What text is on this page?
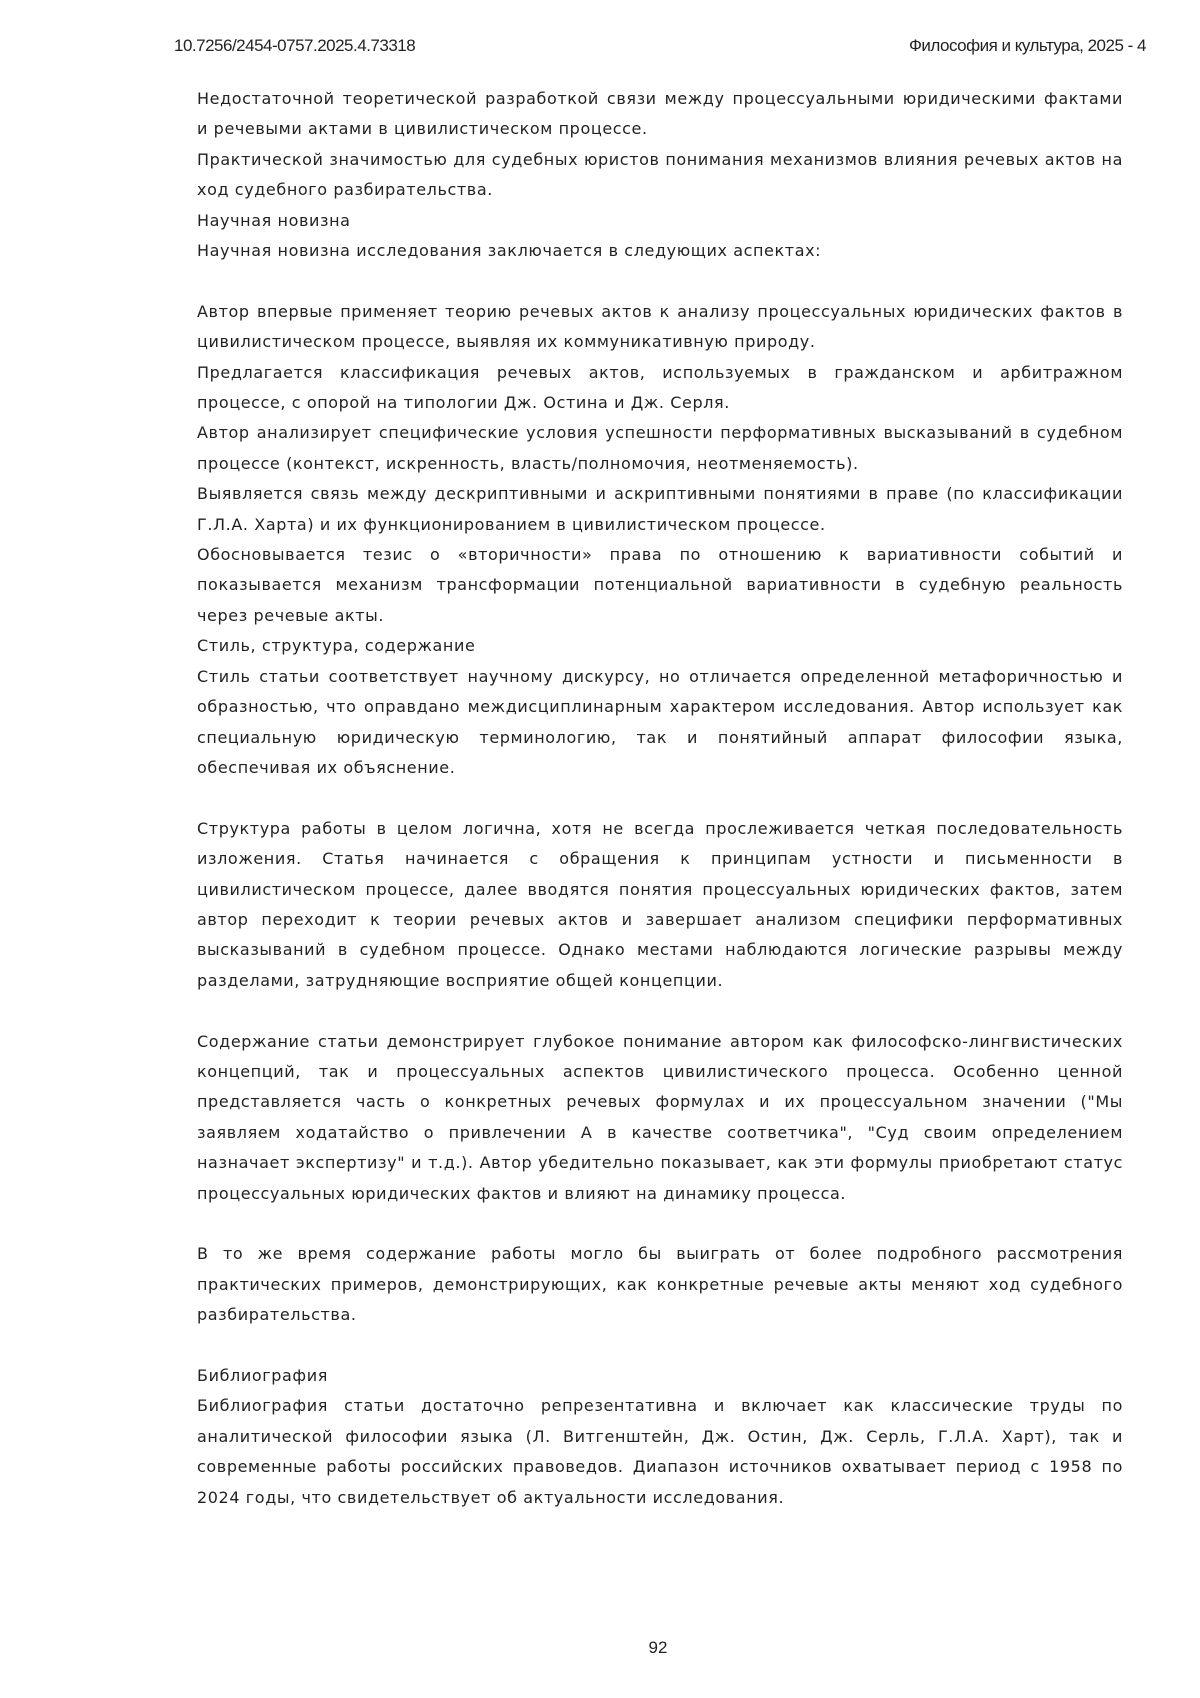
10.7256/2454-0757.2025.4.73318	Философия и культура, 2025 - 4

Недостаточной теоретической разработкой связи между процессуальными юридическими фактами и речевыми актами в цивилистическом процессе.

Практической значимостью для судебных юристов понимания механизмов влияния речевых актов на ход судебного разбирательства.

Научная новизна

Научная новизна исследования заключается в следующих аспектах:

Автор впервые применяет теорию речевых актов к анализу процессуальных юридических фактов в цивилистическом процессе, выявляя их коммуникативную природу.

Предлагается классификация речевых актов, используемых в гражданском и арбитражном процессе, с опорой на типологии Дж. Остина и Дж. Серля.

Автор анализирует специфические условия успешности перформативных высказываний в судебном процессе (контекст, искренность, власть/полномочия, неотменяемость).

Выявляется связь между дескриптивными и аскриптивными понятиями в праве (по классификации Г.Л.А. Харта) и их функционированием в цивилистическом процессе.

Обосновывается тезис о «вторичности» права по отношению к вариативности событий и показывается механизм трансформации потенциальной вариативности в судебную реальность через речевые акты.

Стиль, структура, содержание

Стиль статьи соответствует научному дискурсу, но отличается определенной метафоричностью и образностью, что оправдано междисциплинарным характером исследования. Автор использует как специальную юридическую терминологию, так и понятийный аппарат философии языка, обеспечивая их объяснение.

Структура работы в целом логична, хотя не всегда прослеживается четкая последовательность изложения. Статья начинается с обращения к принципам устности и письменности в цивилистическом процессе, далее вводятся понятия процессуальных юридических фактов, затем автор переходит к теории речевых актов и завершает анализом специфики перформативных высказываний в судебном процессе. Однако местами наблюдаются логические разрывы между разделами, затрудняющие восприятие общей концепции.

Содержание статьи демонстрирует глубокое понимание автором как философско-лингвистических концепций, так и процессуальных аспектов цивилистического процесса. Особенно ценной представляется часть о конкретных речевых формулах и их процессуальном значении ("Мы заявляем ходатайство о привлечении А в качестве соответчика", "Суд своим определением назначает экспертизу" и т.д.). Автор убедительно показывает, как эти формулы приобретают статус процессуальных юридических фактов и влияют на динамику процесса.

В то же время содержание работы могло бы выиграть от более подробного рассмотрения практических примеров, демонстрирующих, как конкретные речевые акты меняют ход судебного разбирательства.

Библиография

Библиография статьи достаточно репрезентативна и включает как классические труды по аналитической философии языка (Л. Витгенштейн, Дж. Остин, Дж. Серль, Г.Л.А. Харт), так и современные работы российских правоведов. Диапазон источников охватывает период с 1958 по 2024 годы, что свидетельствует об актуальности исследования.

92
